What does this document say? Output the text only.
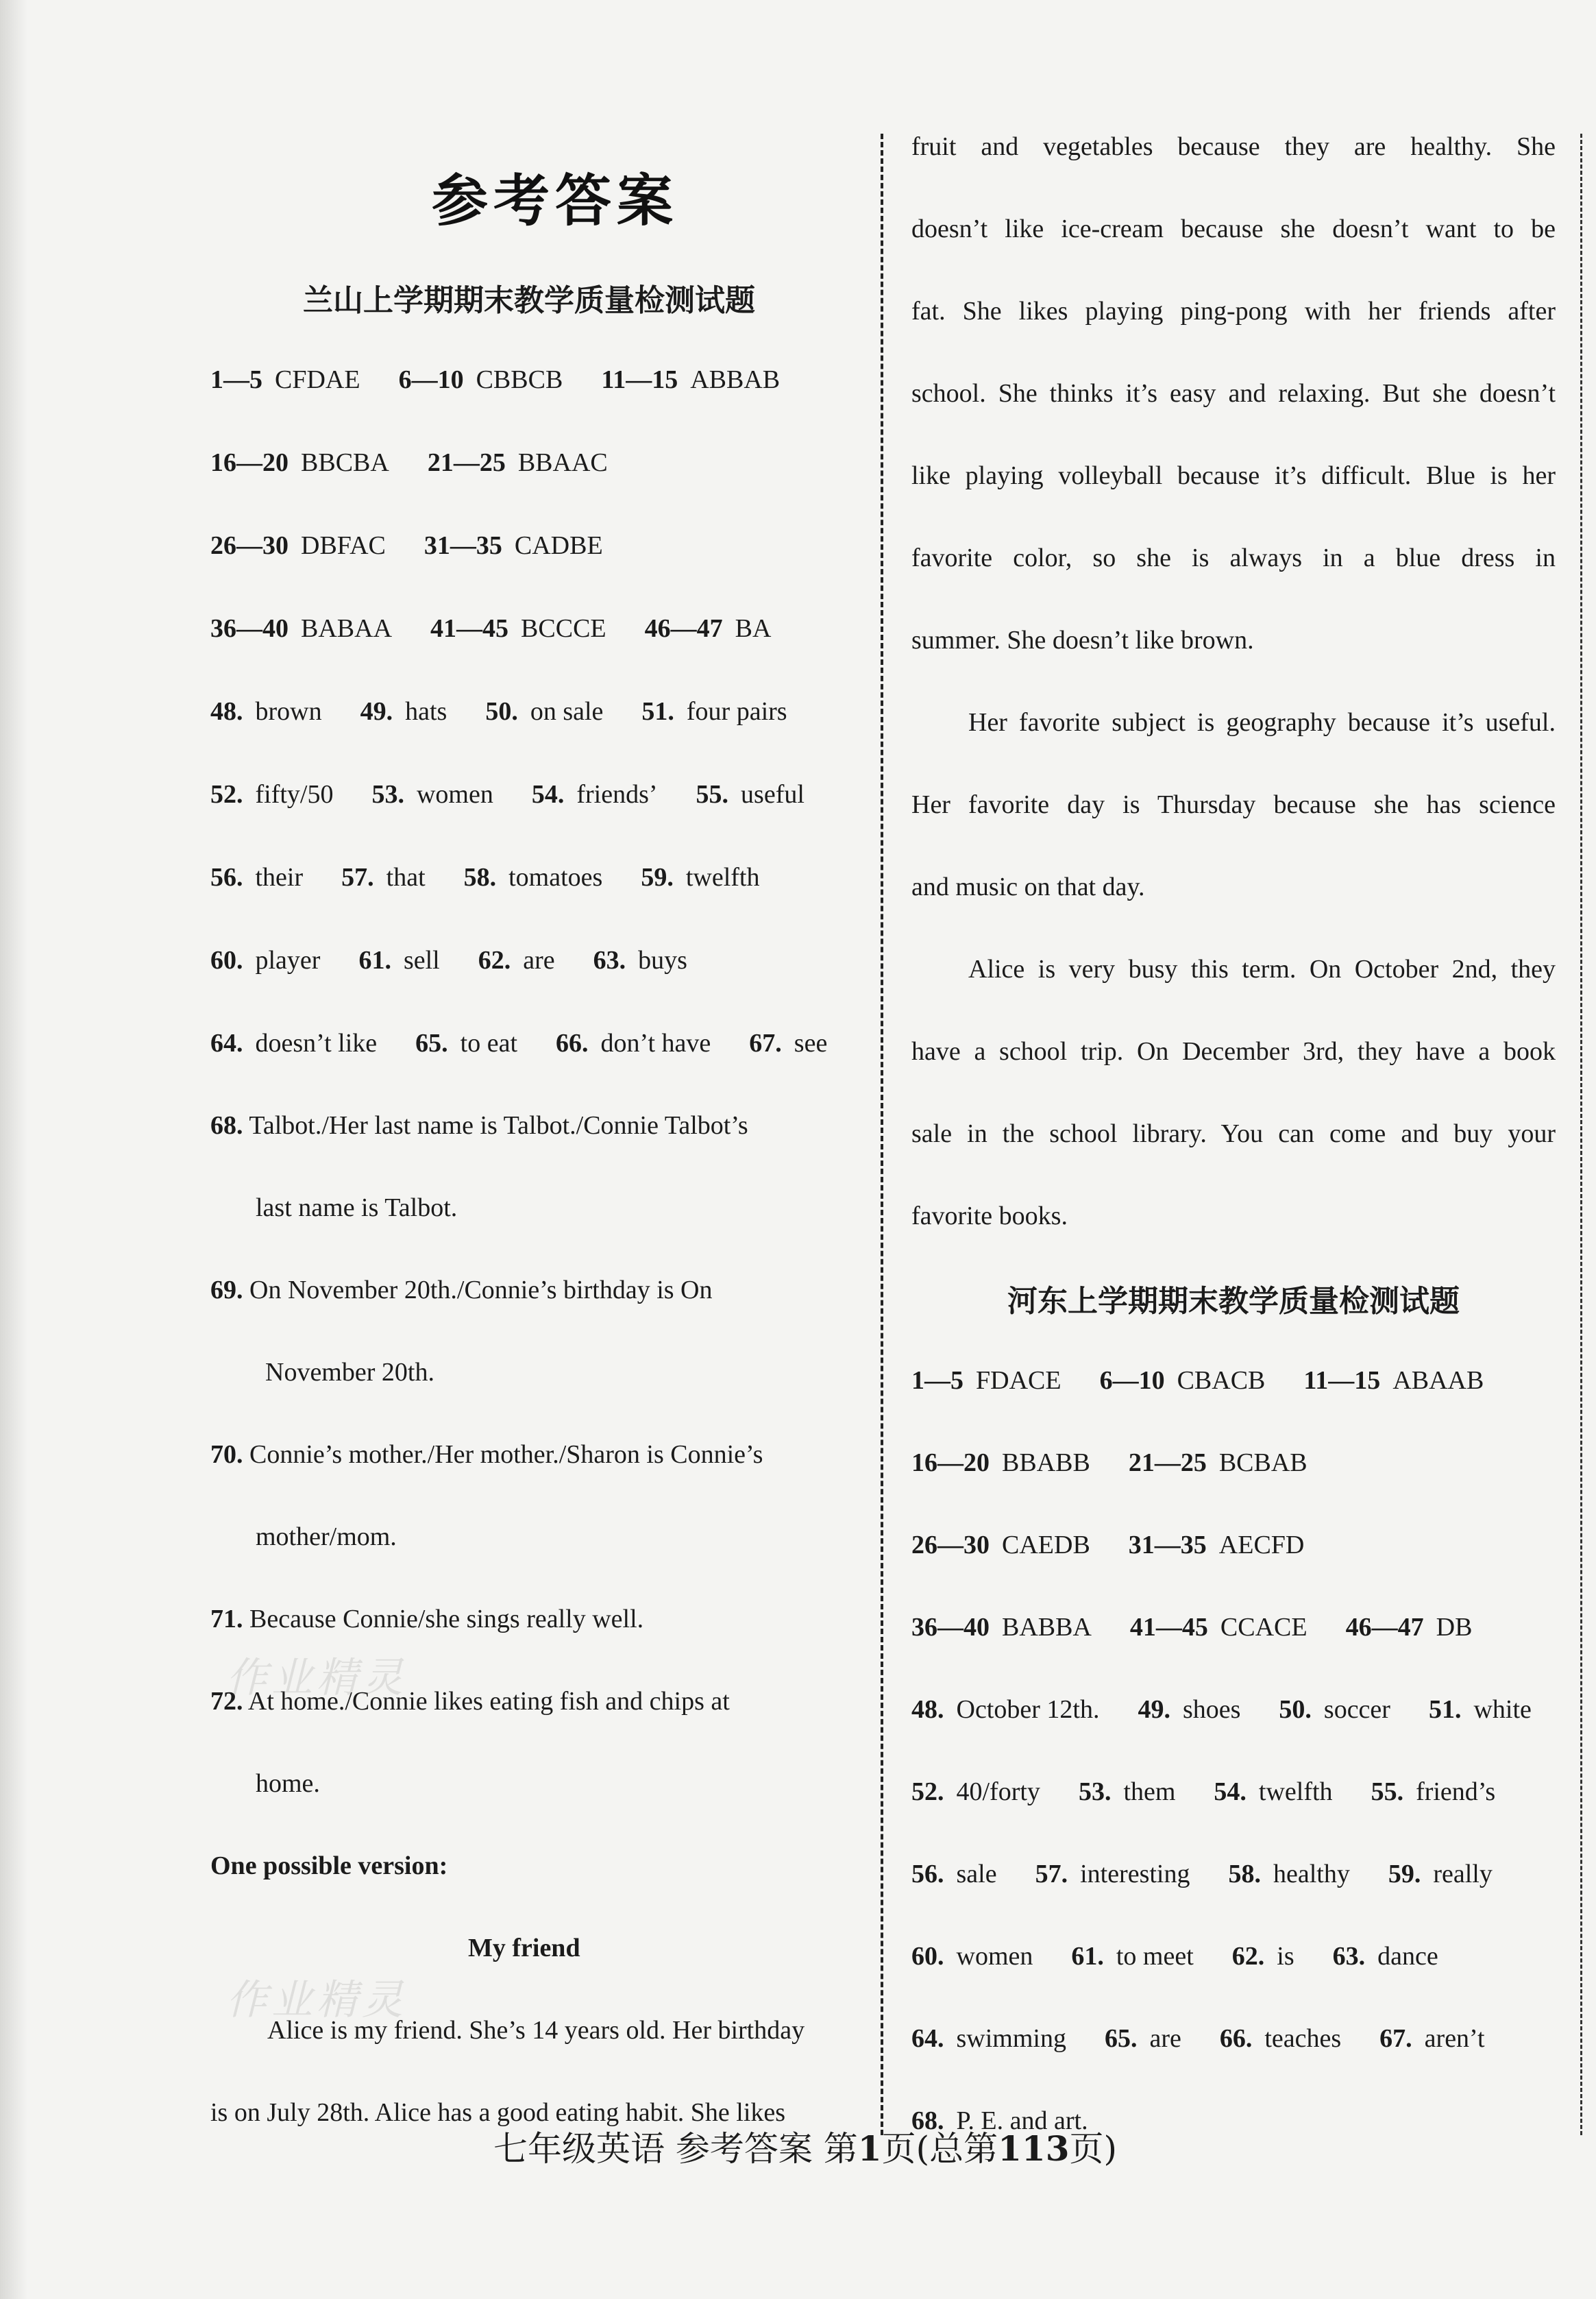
参考答案
兰山上学期期末教学质量检测试题
1—5 CFDAE 6—10 CBBCB 11—15 ABBAB
16—20 BBCBA 21—25 BBAAC
26—30 DBFAC 31—35 CADBE
36—40 BABAA 41—45 BCCCE 46—47 BA
48. brown 49. hats 50. on sale 51. four pairs
52. fifty/50 53. women 54. friends’ 55. useful
56. their 57. that 58. tomatoes 59. twelfth
60. player 61. sell 62. are 63. buys
64. doesn’t like 65. to eat 66. don’t have 67. see
68. Talbot./Her last name is Talbot./Connie Talbot’s
last name is Talbot.
69. On November 20th./Connie’s birthday is On
November 20th.
70. Connie’s mother./Her mother./Sharon is Connie’s
mother/mom.
71. Because Connie/she sings really well.
72. At home./Connie likes eating fish and chips at
home.
One possible version:
My friend
Alice is my friend. She’s 14 years old. Her birthday
is on July 28th. Alice has a good eating habit. She likes
fruit and vegetables because they are healthy. She
doesn’t like ice-cream because she doesn’t want to be
fat. She likes playing ping-pong with her friends after
school. She thinks it’s easy and relaxing. But she doesn’t
like playing volleyball because it’s difficult. Blue is her
favorite color, so she is always in a blue dress in
summer. She doesn’t like brown.
Her favorite subject is geography because it’s useful.
Her favorite day is Thursday because she has science
and music on that day.
Alice is very busy this term. On October 2nd, they
have a school trip. On December 3rd, they have a book
sale in the school library. You can come and buy your
favorite books.
河东上学期期末教学质量检测试题
1—5 FDACE 6—10 CBACB 11—15 ABAAB
16—20 BBABB 21—25 BCBAB
26—30 CAEDB 31—35 AECFD
36—40 BABBA 41—45 CCACE 46—47 DB
48. October 12th. 49. shoes 50. soccer 51. white
52. 40/forty 53. them 54. twelfth 55. friend’s
56. sale 57. interesting 58. healthy 59. really
60. women 61. to meet 62. is 63. dance
64. swimming 65. are 66. teaches 67. aren’t
68. P. E. and art.
作业精灵
作业精灵
七年级英语 参考答案 第1页(总第113页)
